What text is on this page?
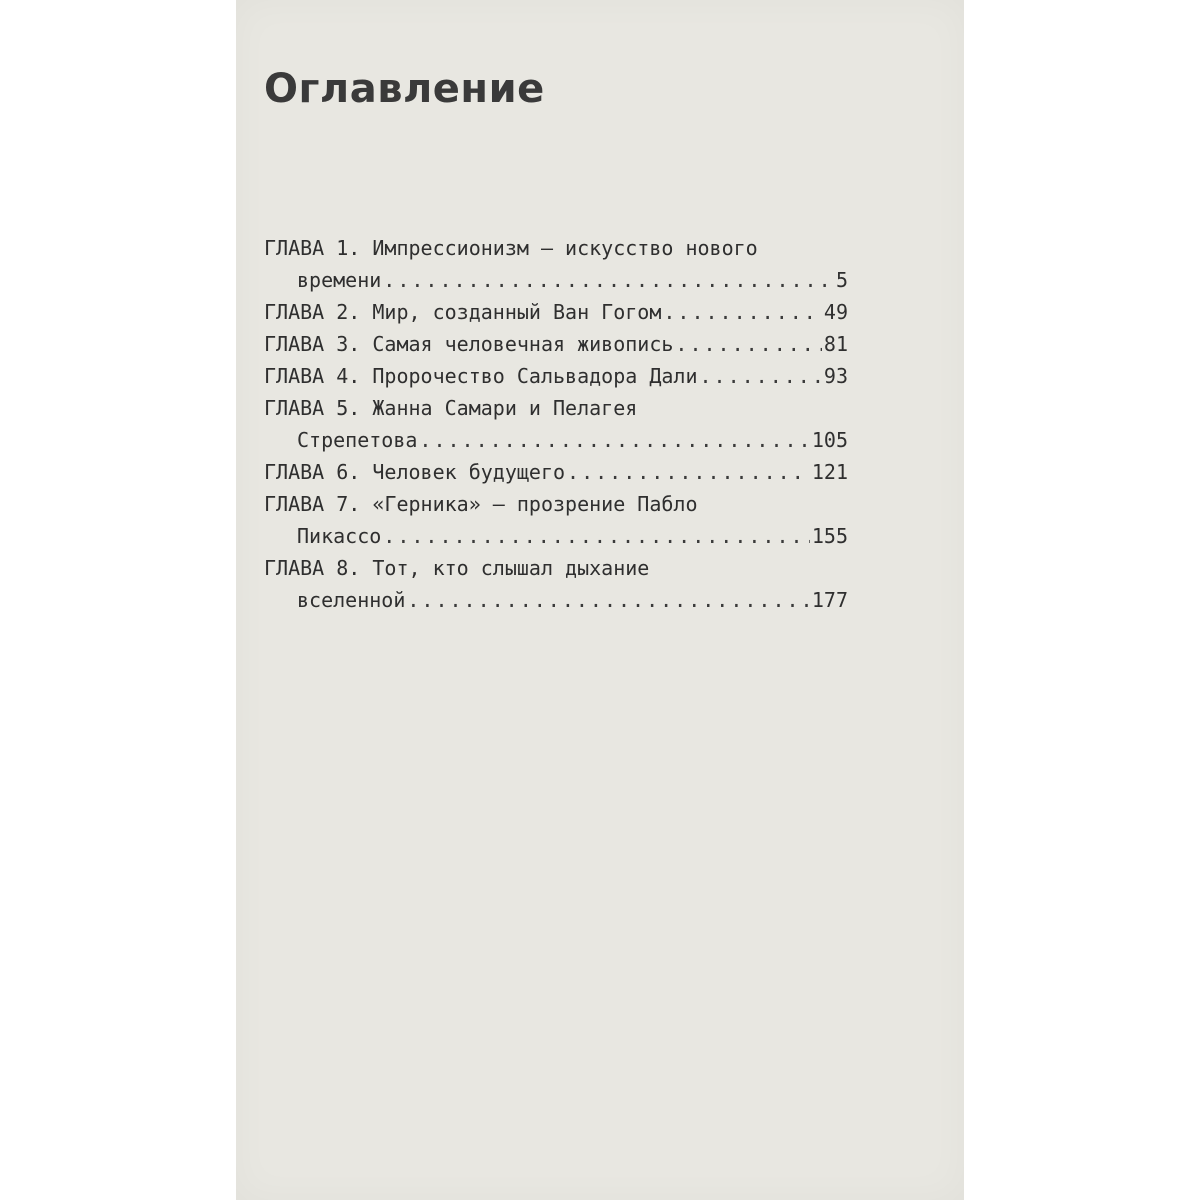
Оглавление
ГЛАВА 1.
Импрессионизм — искусство нового
времени .....	5
ГЛАВА 2.
Мир, созданный Ван Гогом .....	49
ГЛАВА 3.
Самая человечная живопись .....	81
ГЛАВА 4.
Пророчество Сальвадора Дали .....	93
ГЛАВА 5.
Жанна Самари и Пелагея
Стрепетова .....	105
ГЛАВА 6.
Человек будущего .....	121
ГЛАВА 7.
«Герника» — прозрение Пабло
Пикассо .....	155
ГЛАВА 8.
Тот, кто слышал дыхание
вселенной .....	177
